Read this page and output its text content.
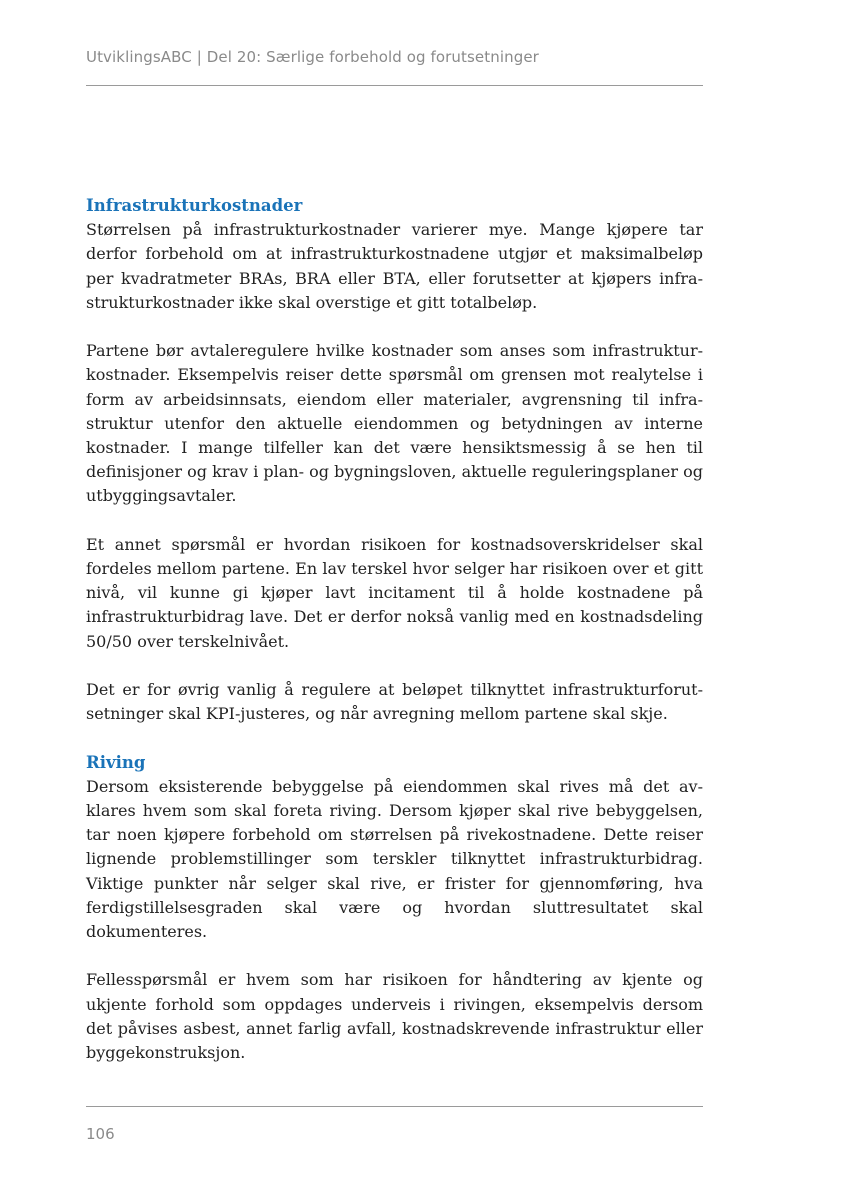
UtviklingsABC | Del 20: Særlige forbehold og forutsetninger
Infrastrukturkostnader

Størrelsen på infrastrukturkostnader varierer mye. Mange kjøpere tar derfor forbehold om at infrastrukturkostnadene utgjør et maksimalbeløp per kvadratmeter BRAs, BRA eller BTA, eller forutsetter at kjøpers infrastrukturkostnader ikke skal overstige et gitt totalbeløp.

Partene bør avtaleregulere hvilke kostnader som anses som infrastrukturkostnader. Eksempelvis reiser dette spørsmål om grensen mot realytelse i form av arbeidsinnsats, eiendom eller materialer, avgrensning til infrastruktur utenfor den aktuelle eiendommen og betydningen av interne kostnader. I mange tilfeller kan det være hensiktsmessig å se hen til definisjoner og krav i plan- og bygningsloven, aktuelle reguleringsplaner og utbyggingsavtaler.

Et annet spørsmål er hvordan risikoen for kostnadsoverskridelser skal fordeles mellom partene. En lav terskel hvor selger har risikoen over et gitt nivå, vil kunne gi kjøper lavt incitament til å holde kostnadene på infrastrukturbidrag lave. Det er derfor nokså vanlig med en kostnadsdeling 50/50 over terskelnivået.

Det er for øvrig vanlig å regulere at beløpet tilknyttet infrastrukturforutsetninger skal KPI-justeres, og når avregning mellom partene skal skje.

Riving

Dersom eksisterende bebyggelse på eiendommen skal rives må det avklares hvem som skal foreta riving. Dersom kjøper skal rive bebyggelsen, tar noen kjøpere forbehold om størrelsen på rivekostnadene. Dette reiser lignende problemstillinger som terskler tilknyttet infrastrukturbidrag. Viktige punkter når selger skal rive, er frister for gjennomføring, hva ferdigstillelsesgraden skal være og hvordan sluttresultatet skal dokumenteres.

Fellesspørsmål er hvem som har risikoen for håndtering av kjente og ukjente forhold som oppdages underveis i rivingen, eksempelvis dersom det påvises asbest, annet farlig avfall, kostnadskrevende infrastruktur eller byggekonstruksjon.

106
